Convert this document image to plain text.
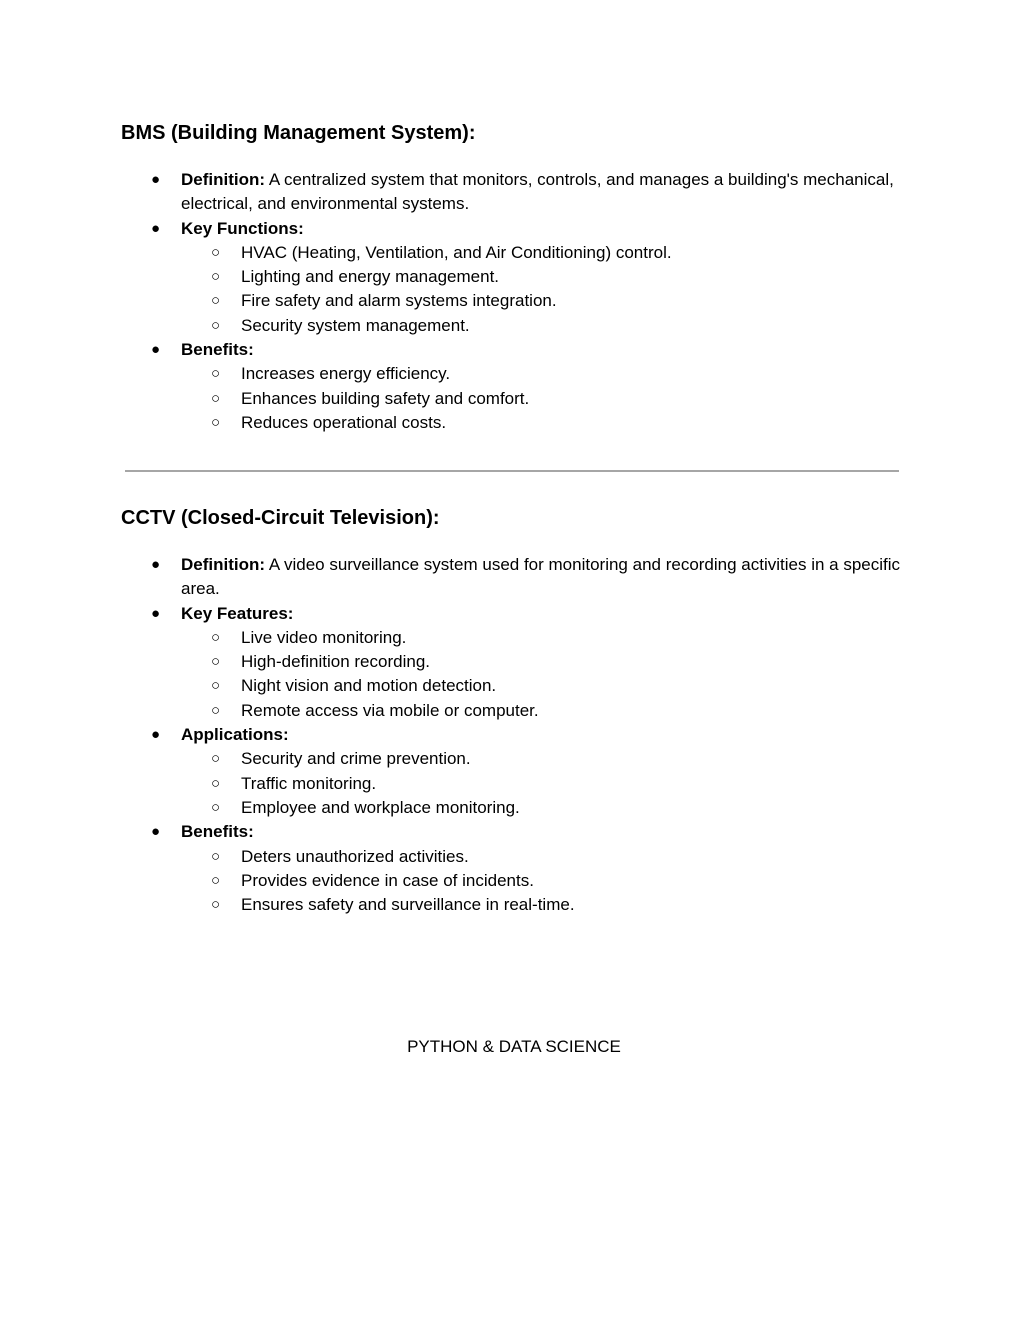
BMS (Building Management System):
● Definition: A centralized system that monitors, controls, and manages a building's mechanical, electrical, and environmental systems.
● Key Functions:
○ HVAC (Heating, Ventilation, and Air Conditioning) control.
○ Lighting and energy management.
○ Fire safety and alarm systems integration.
○ Security system management.
● Benefits:
○ Increases energy efficiency.
○ Enhances building safety and comfort.
○ Reduces operational costs.
CCTV (Closed-Circuit Television):
● Definition: A video surveillance system used for monitoring and recording activities in a specific area.
● Key Features:
○ Live video monitoring.
○ High-definition recording.
○ Night vision and motion detection.
○ Remote access via mobile or computer.
● Applications:
○ Security and crime prevention.
○ Traffic monitoring.
○ Employee and workplace monitoring.
● Benefits:
○ Deters unauthorized activities.
○ Provides evidence in case of incidents.
○ Ensures safety and surveillance in real-time.
PYTHON & DATA SCIENCE
